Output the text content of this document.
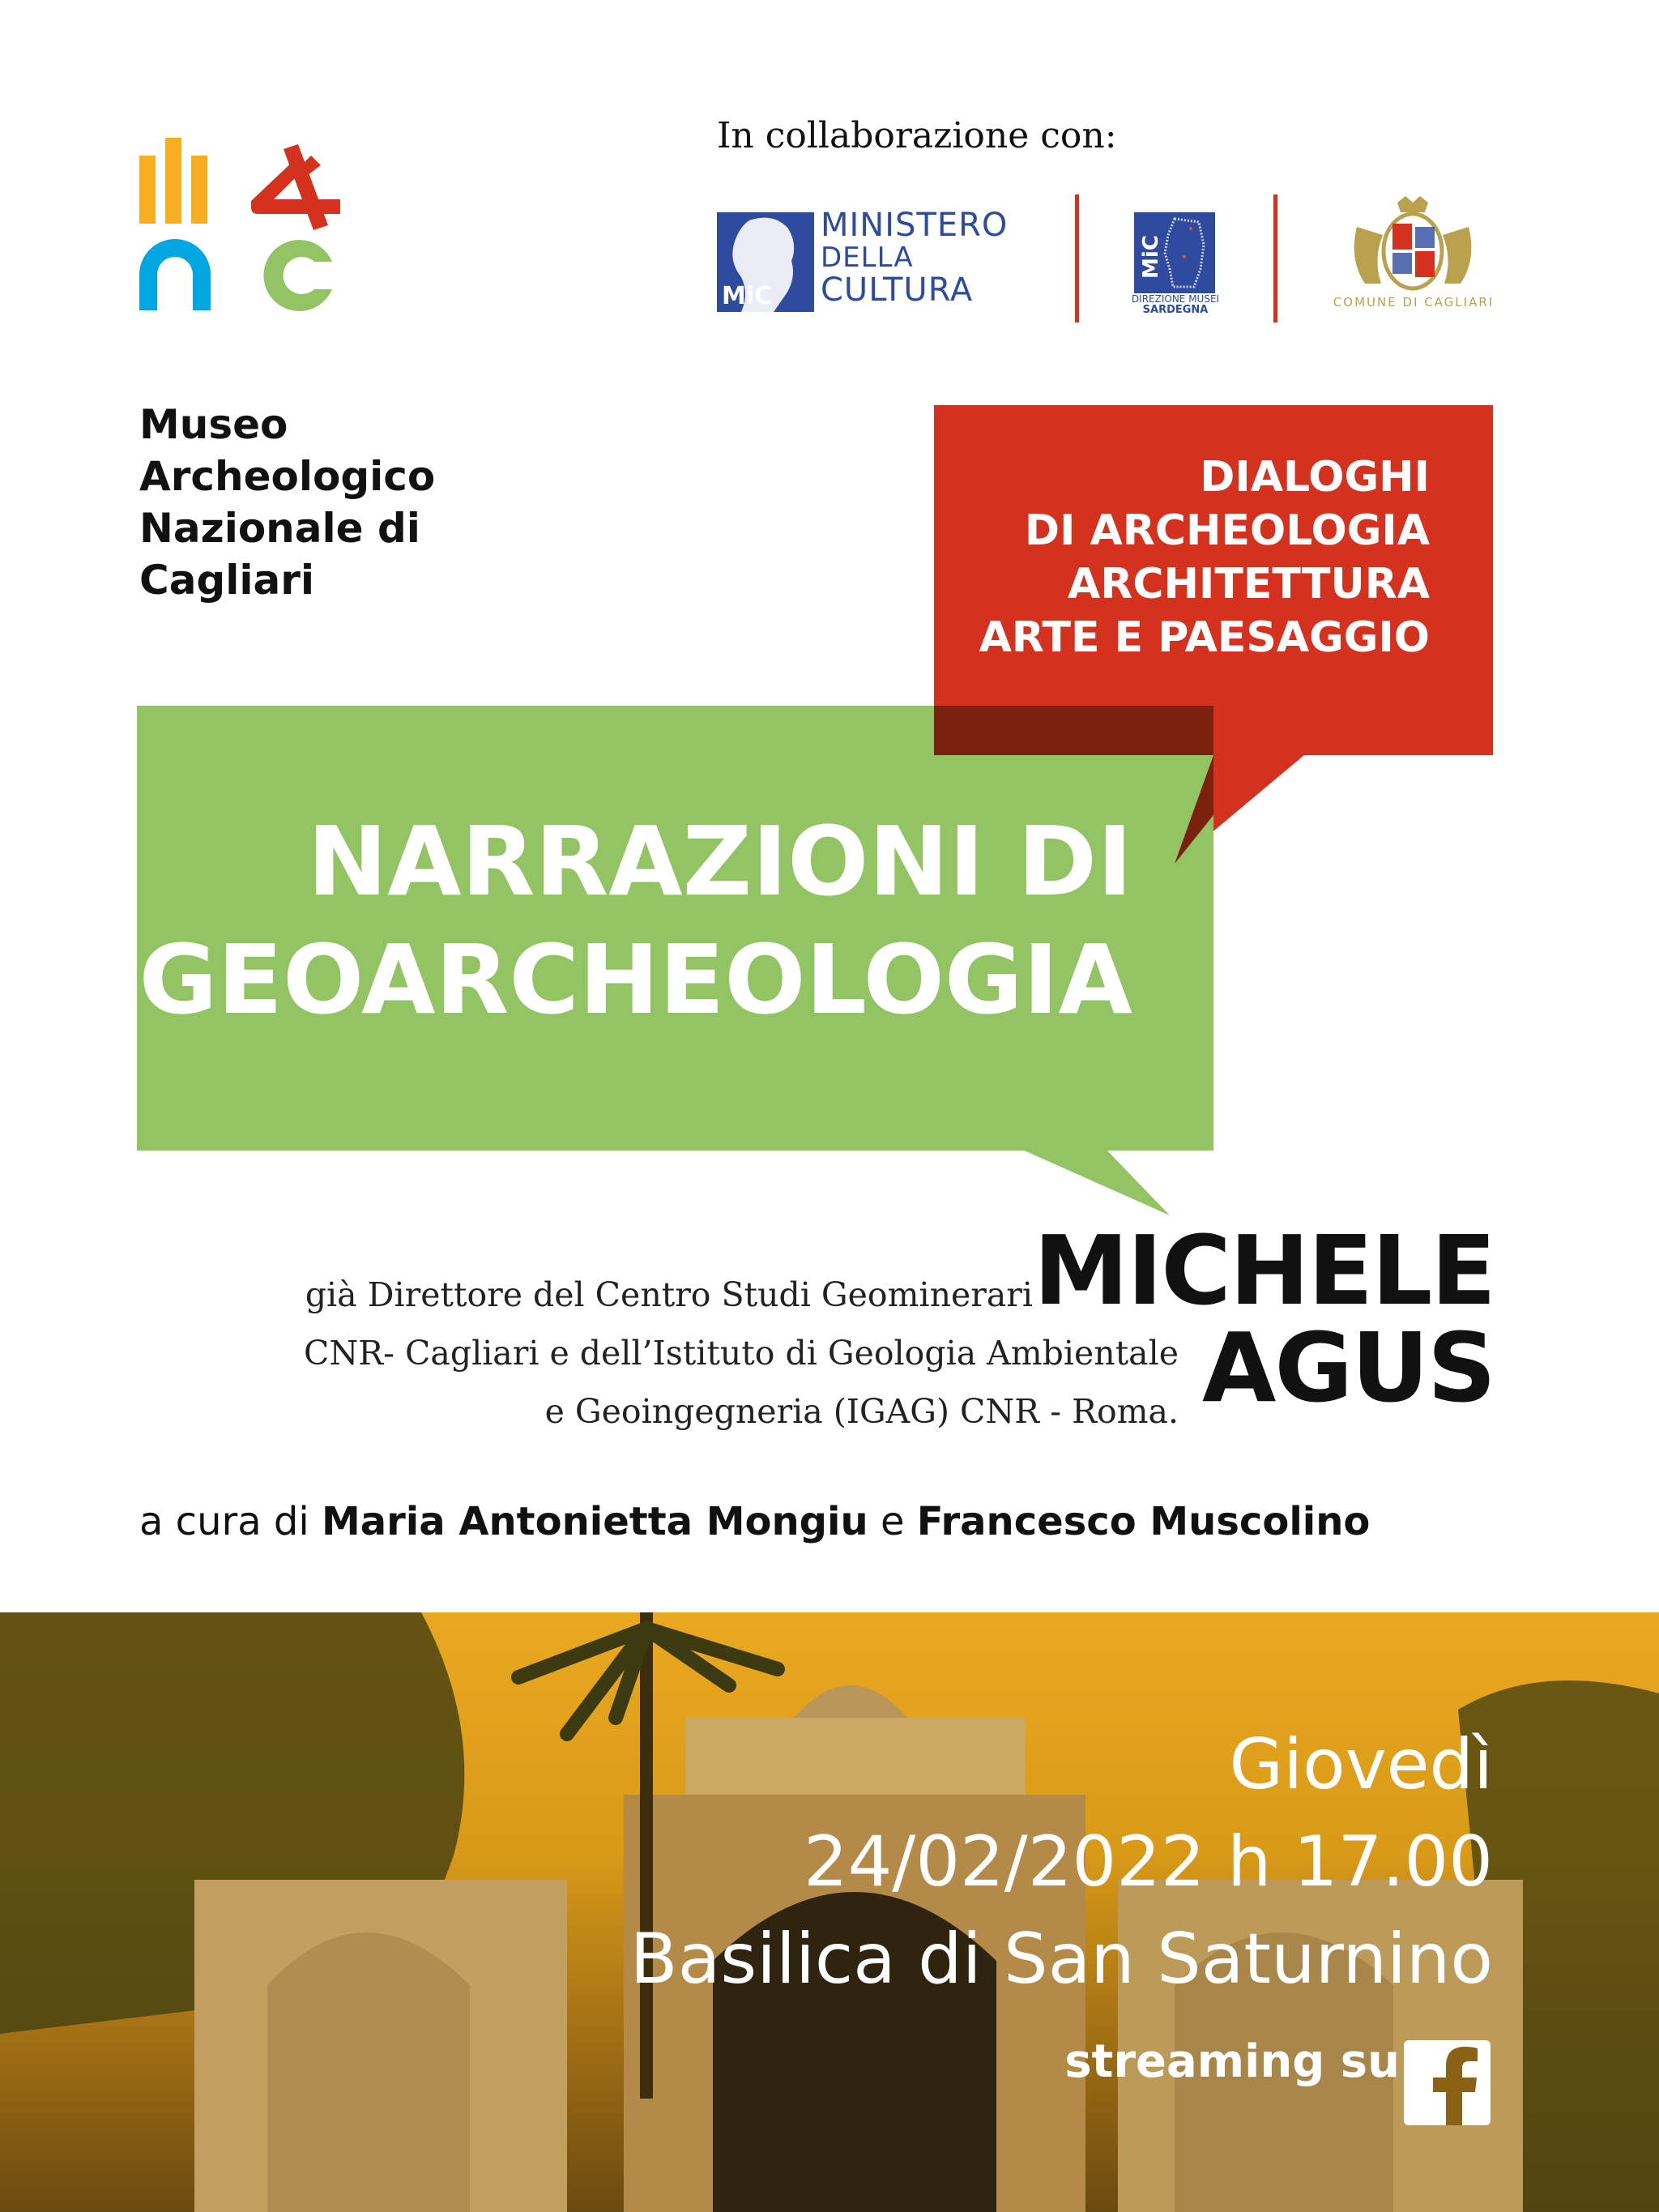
In collaborazione con:
MiC
MINISTERO
DELLA
CULTURA
MiC
DIREZIONE MUSEI
SARDEGNA
COMUNE DI CAGLIARI
Museo
Archeologico
Nazionale di
Cagliari
DIALOGHI
DI ARCHEOLOGIA
ARCHITETTURA
ARTE E PAESAGGIO
NARRAZIONI DI
GEOARCHEOLOGIA
già Direttore del Centro Studi Geominerari
CNR- Cagliari e dell’Istituto di Geologia Ambientale
e Geoingegneria (IGAG) CNR - Roma.
MICHELE
AGUS
a cura di Maria Antonietta Mongiu e Francesco Muscolino
Giovedì
24/02/2022 h 17.00
Basilica di San Saturnino
streaming su
